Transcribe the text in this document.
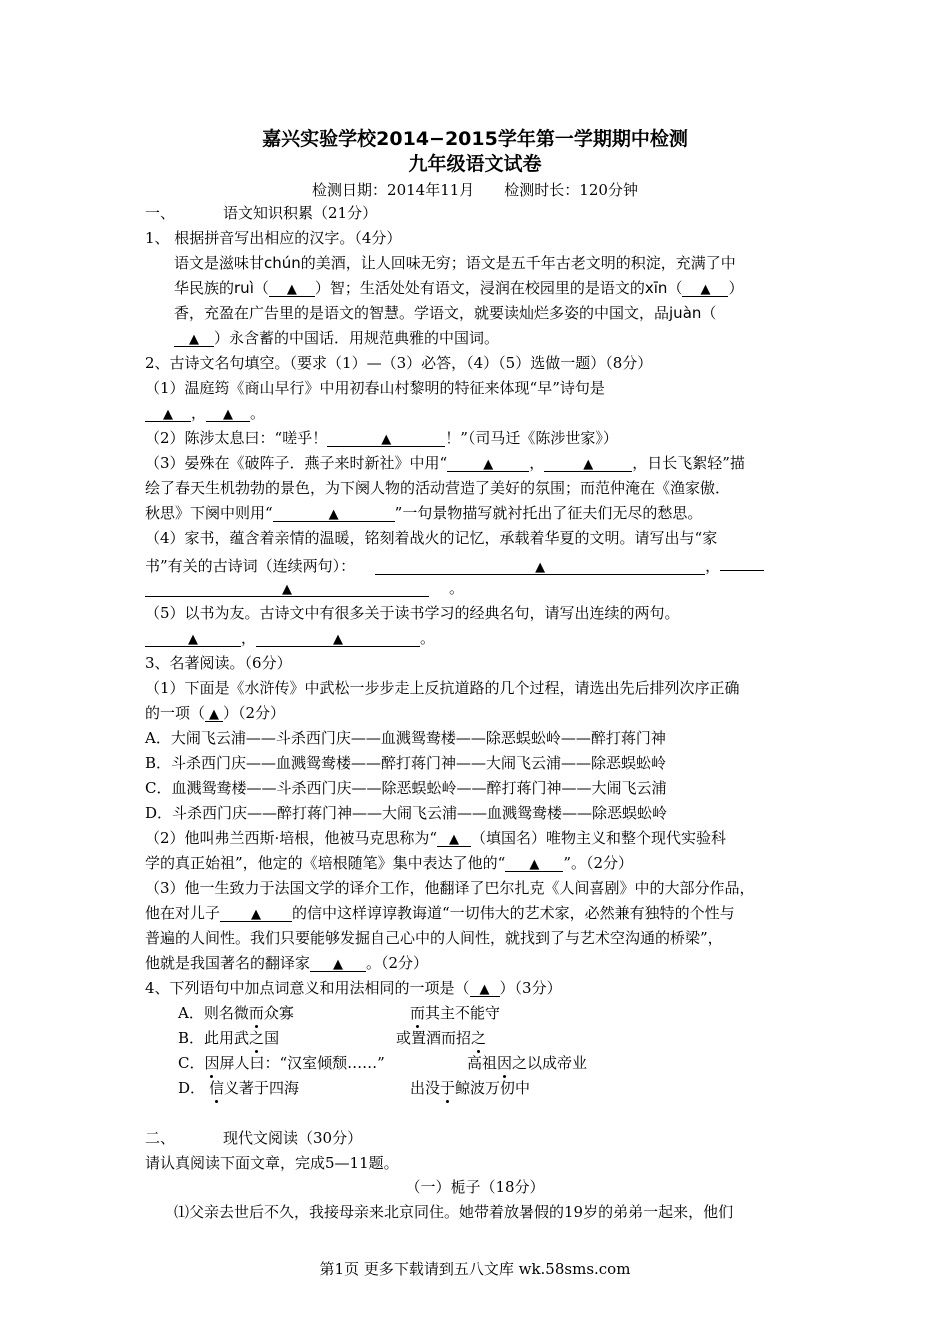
嘉兴实验学校2014−2015学年第一学期期中检测
九年级语文试卷
检测日期：2014年11月　　检测时长：120分钟
一、	语文知识积累（21分）
1、 根据拼音写出相应的汉字。（4分）
语文是滋味甘chún的美酒，让人回味无穷；语文是五千年古老文明的积淀，充满了中
华民族的ruì（ ▲ ）智；生活处处有语文，浸润在校园里的是语文的xīn（ ▲ ）
香，充盈在广告里的是语文的智慧。学语文，就要读灿烂多姿的中国文，品juàn（
▲ ）永含蓄的中国话．用规范典雅的中国词。
2、古诗文名句填空。（要求（1）—（3）必答，（4）（5）选做一题）（8分）
（1）温庭筠《商山早行》中用初春山村黎明的特征来体现“早”诗句是
▲ ， ▲ 。
（2）陈涉太息曰：“嗟乎！	▲	！”（司马迁《陈涉世家》）
（3）晏殊在《破阵子．燕子来时新社》中用“	▲ ，	▲	，日长飞絮轻”描
绘了春天生机勃勃的景色，为下阕人物的活动营造了美好的氛围；而范仲淹在《渔家傲．
秋思》下阕中则用“	▲	”一句景物描写就衬托出了征夫们无尽的愁思。
（4）家书，蕴含着亲情的温暖，铭刻着战火的记忆，承载着华夏的文明。请写出与“家
书”有关的古诗词（连续两句）：	▲	，
▲	。
（5）以书为友。古诗文中有很多关于读书学习的经典名句，请写出连续的两句。
▲	，	▲	。
3、名著阅读。（6分）
（1）下面是《水浒传》中武松一步步走上反抗道路的几个过程，请选出先后排列次序正确
的一项（ ▲ ）（2分）
A．大闹飞云浦——斗杀西门庆——血溅鸳鸯楼——除恶蜈蚣岭——醉打蒋门神
B．斗杀西门庆——血溅鸳鸯楼——醉打蒋门神——大闹飞云浦——除恶蜈蚣岭
C．血溅鸳鸯楼——斗杀西门庆——除恶蜈蚣岭——醉打蒋门神——大闹飞云浦
D．斗杀西门庆——醉打蒋门神——大闹飞云浦——血溅鸳鸯楼——除恶蜈蚣岭
（2）他叫弗兰西斯·培根，他被马克思称为“ ▲ （填国名）唯物主义和整个现代实验科
学的真正始祖”，他定的《培根随笔》集中表达了他的“ ▲ ”。（2分）
（3）他一生致力于法国文学的译介工作，他翻译了巴尔扎克《人间喜剧》中的大部分作品，
他在对儿子 ▲ 的信中这样谆谆教诲道“一切伟大的艺术家，必然兼有独特的个性与
普遍的人间性。我们只要能够发掘自己心中的人间性，就找到了与艺术空沟通的桥梁”，
他就是我国著名的翻译家 ▲ 。（2分）
4、下列语句中加点词意义和用法相同的一项是（ ▲ ）（3分）
A．则名微而众寡	而其主不能守
B．此用武之国	或置酒而招之
C．因屏人曰：“汉室倾颓……”	高祖因之以成帝业
D． 信义著于四海	出没于鲸波万仞中
二、	现代文阅读（30分）
请认真阅读下面文章，完成5—11题。
（一）栀子（18分）
⑴父亲去世后不久，我接母亲来北京同住。她带着放暑假的19岁的弟弟一起来，他们
第1页 更多下载请到五八文库 wk.58sms.com
